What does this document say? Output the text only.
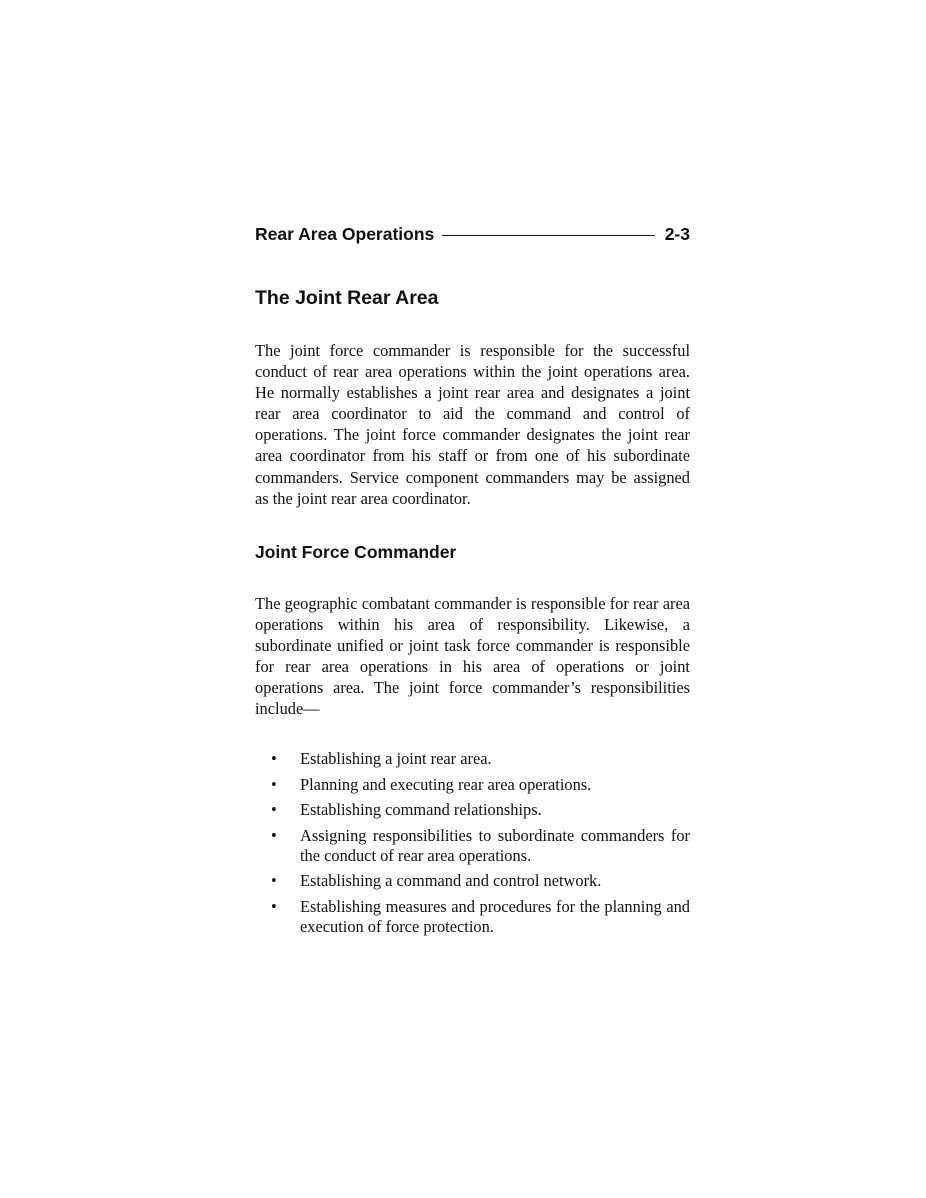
Rear Area Operations	2-3
The Joint Rear Area

The joint force commander is responsible for the successful conduct of rear area operations within the joint operations area. He normally establishes a joint rear area and designates a joint rear area coordinator to aid the command and control of operations. The joint force commander designates the joint rear area coordinator from his staff or from one of his subordinate commanders. Service component commanders may be assigned as the joint rear area coordinator.

Joint Force Commander

The geographic combatant commander is responsible for rear area operations within his area of responsibility. Likewise, a subordinate unified or joint task force commander is responsible for rear area operations in his area of operations or joint operations area. The joint force commander’s responsibilities include—

• Establishing a joint rear area.
• Planning and executing rear area operations.
• Establishing command relationships.
• Assigning responsibilities to subordinate commanders for the conduct of rear area operations.
• Establishing a command and control network.
• Establishing measures and procedures for the planning and execution of force protection.
